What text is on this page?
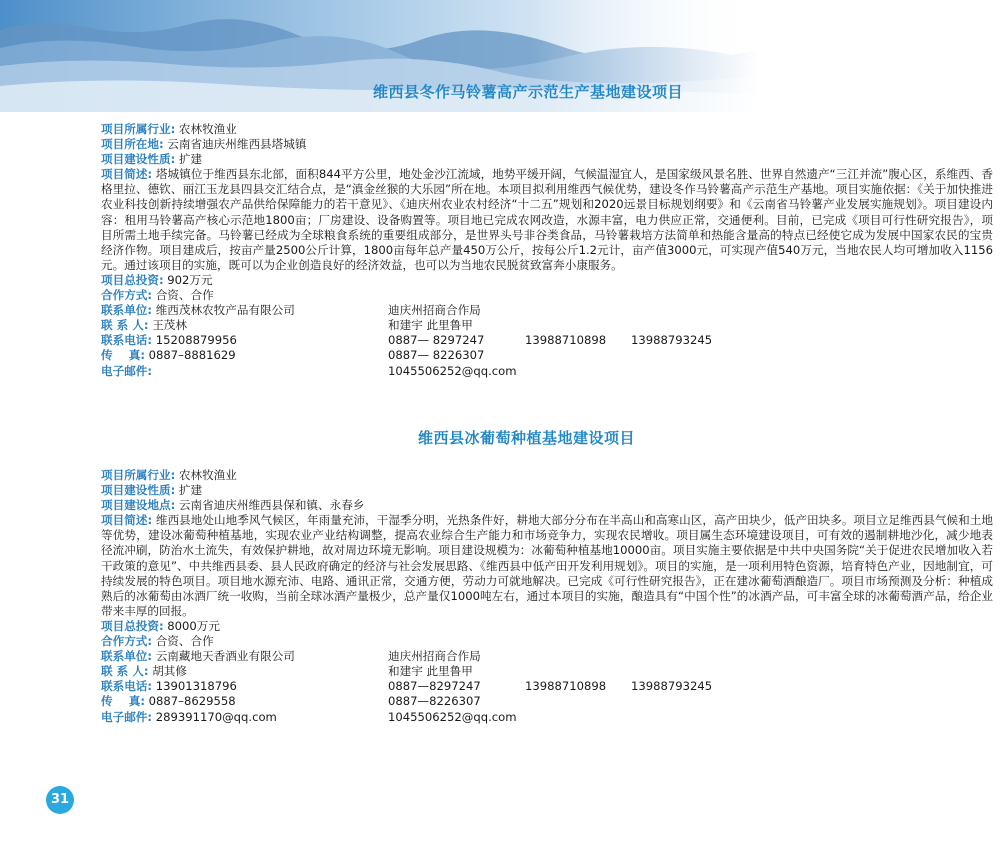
维西县冬作马铃薯高产示范生产基地建设项目
项目所属行业: 农林牧渔业
项目所在地: 云南省迪庆州维西县塔城镇
项目建设性质: 扩建
项目简述: 塔城镇位于维西县东北部，面积844平方公里，地处金沙江流域，地势平缓开阔，气候温湿宜人，是国家级风景名胜、世界自然遗产“三江并流”腹心区，系维西、香格里拉、德钦、丽江玉龙县四县交汇结合点，是“滇金丝猴的大乐园”所在地。本项目拟利用维西气候优势，建设冬作马铃薯高产示范生产基地。项目实施依据：《关于加快推进农业科技创新持续增强农产品供给保障能力的若干意见》、《迪庆州农业农村经济“十二五”规划和2020远景目标规划纲要》和《云南省马铃薯产业发展实施规划》。项目建设内容：租用马铃薯高产核心示范地1800亩；厂房建设、设备购置等。项目地已完成农网改造，水源丰富，电力供应正常，交通便利。目前，已完成《项目可行性研究报告》，项目所需土地手续完备。马铃薯已经成为全球粮食系统的重要组成部分，是世界头号非谷类食品，马铃薯栽培方法简单和热能含量高的特点已经使它成为发展中国家农民的宝贵经济作物。项目建成后，按亩产量2500公斤计算，1800亩每年总产量450万公斤，按每公斤1.2元计，亩产值3000元，可实现产值540万元，当地农民人均可增加收入1156元。通过该项目的实施，既可以为企业创造良好的经济效益，也可以为当地农民脱贫致富奔小康服务。
项目总投资: 902万元
合作方式: 合资、合作
联系单位: 维西茂林农牧产品有限公司	迪庆州招商合作局
联 系 人: 王茂林	和建宇 此里鲁甲
联系电话: 15208879956	0887— 8297247	13988710898 13988793245
传    真: 0887–8881629	0887— 8226307
电子邮件:	1045506252@qq.com
维西县冰葡萄种植基地建设项目
项目所属行业: 农林牧渔业
项目建设性质: 扩建
项目建设地点: 云南省迪庆州维西县保和镇、永春乡
项目简述: 维西县地处山地季风气候区，年雨量充沛，干湿季分明，光热条件好，耕地大部分分布在半高山和高寒山区，高产田块少，低产田块多。项目立足维西县气候和土地等优势，建设冰葡萄种植基地，实现农业产业结构调整，提高农业综合生产能力和市场竞争力，实现农民增收。项目属生态环境建设项目，可有效的遏制耕地沙化，减少地表径流冲刷，防治水土流失，有效保护耕地，故对周边环境无影响。项目建设规模为：冰葡萄种植基地10000亩。项目实施主要依据是中共中央国务院“关于促进农民增加收入若干政策的意见”、中共维西县委、县人民政府确定的经济与社会发展思路、《维西县中低产田开发利用规划》。项目的实施，是一项利用特色资源，培育特色产业，因地制宜，可持续发展的特色项目。项目地水源充沛、电路、通讯正常，交通方便，劳动力可就地解决。已完成《可行性研究报告》，正在建冰葡萄酒酿造厂。项目市场预测及分析：种植成熟后的冰葡萄由冰酒厂统一收购，当前全球冰酒产量极少，总产量仅1000吨左右，通过本项目的实施，酿造具有“中国个性”的冰酒产品，可丰富全球的冰葡萄酒产品，给企业带来丰厚的回报。
项目总投资: 8000万元
合作方式: 合资、合作
联系单位: 云南藏地天香酒业有限公司	迪庆州招商合作局
联 系 人: 胡其修	和建宇 此里鲁甲
联系电话: 13901318796	0887—8297247	13988710898 13988793245
传    真: 0887–8629558	0887—8226307
电子邮件: 289391170@qq.com	1045506252@qq.com
31
